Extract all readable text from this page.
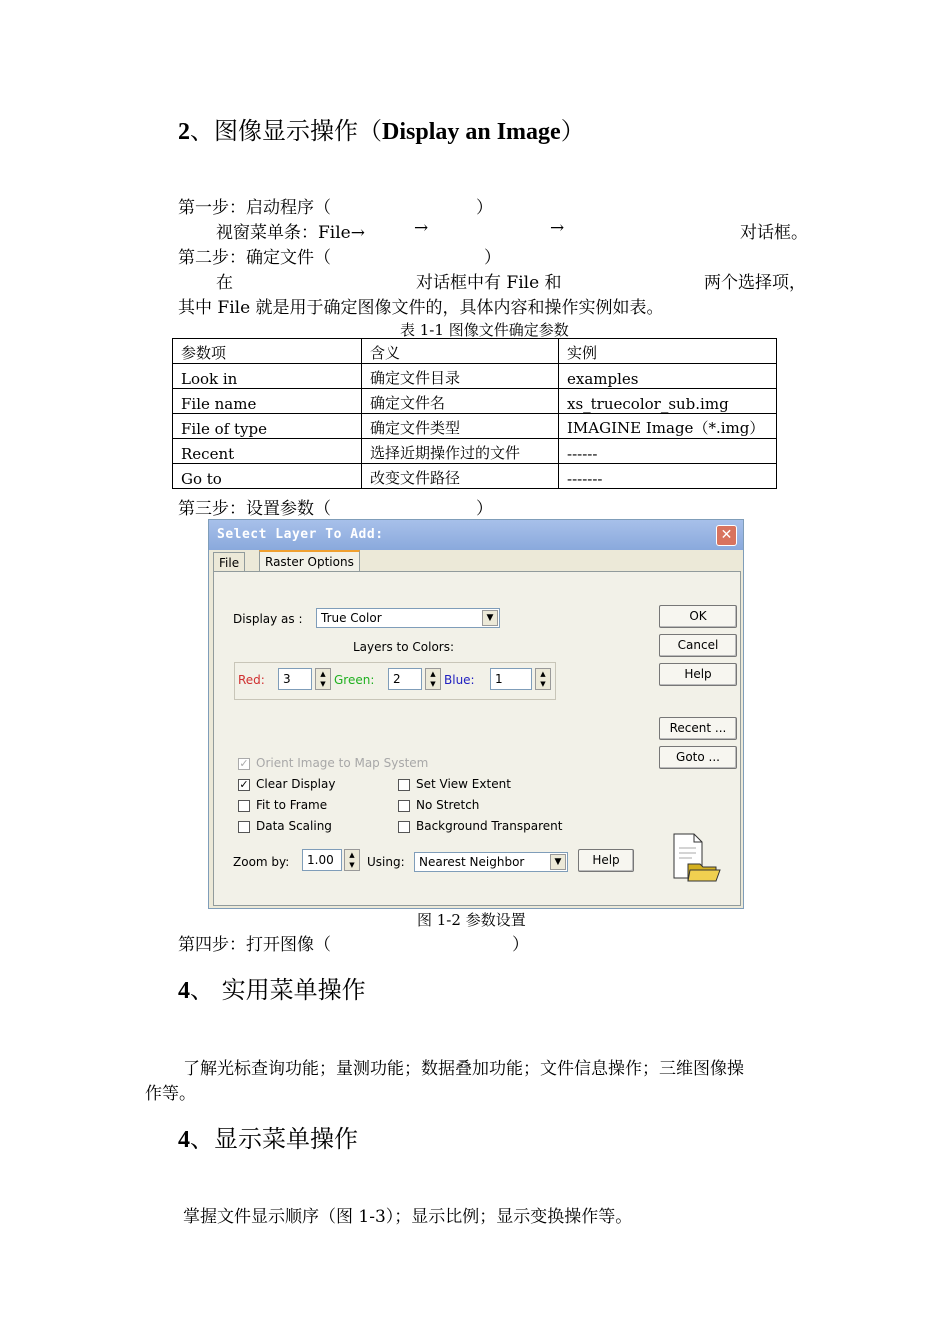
2、图像显示操作（Display an Image）
第一步：启动程序（	）
视窗菜单条：File→	→	→	对话框。
第二步：确定文件（	）
在	对话框中有 File 和	两个选择项，
其中 File 就是用于确定图像文件的，具体内容和操作实例如表。
表 1-1 图像文件确定参数
参数项	含义	实例
Look in	确定文件目录	examples
File name	确定文件名	xs_truecolor_sub.img
File of type	确定文件类型	IMAGINE Image（*.img）
Recent	选择近期操作过的文件	------
Go to	改变文件路径	-------
第三步：设置参数（	）
Select Layer To Add:	✕
File	Raster Options
Display as :	True Color	▼
Layers to Colors:
Red:	3	▲
▼ Green:	2	▲
▼ Blue:	1	▲
▼
OK
Cancel
Help
Recent ...
Goto ...
✓ Orient Image to Map System
✓ Clear Display
Fit to Frame
Data Scaling
Set View Extent
No Stretch
Background Transparent
Zoom by:	1.00	▲
▼	Using:	Nearest Neighbor	▼	Help
图 1-2 参数设置
第四步：打开图像（	）
4、 实用菜单操作
了解光标查询功能；量测功能；数据叠加功能；文件信息操作；三维图像操
作等。
4、显示菜单操作
掌握文件显示顺序（图 1-3）；显示比例；显示变换操作等。
